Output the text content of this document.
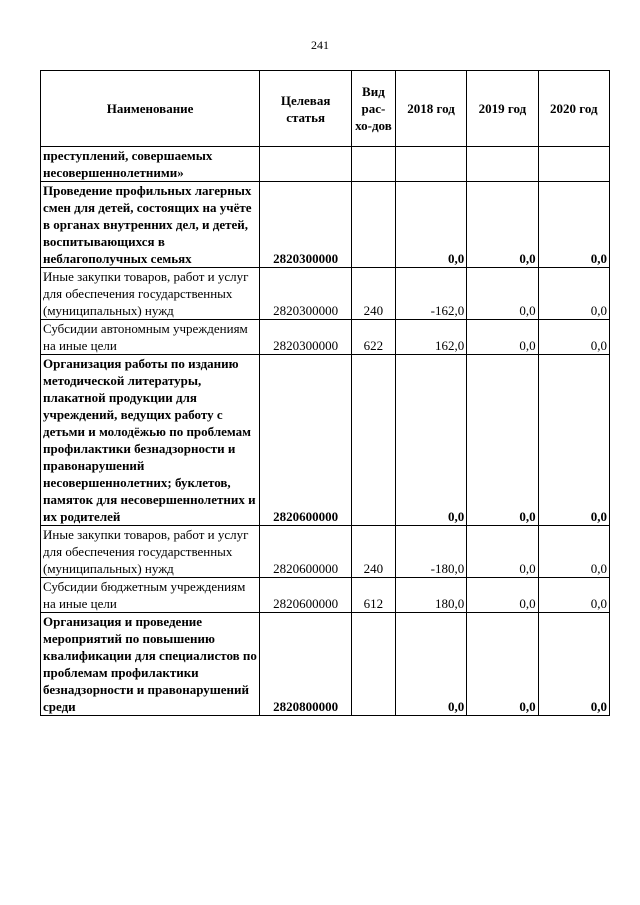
241
Наименование	Целевая статья	Вид рас-хо-дов	2018 год	2019 год	2020 год
преступлений, совершаемых несовершеннолетними»					
Проведение профильных лагерных смен для детей, состоящих на учёте в органах внутренних дел, и детей, воспитывающихся в неблагополучных семьях	2820300000		0,0	0,0	0,0
Иные закупки товаров, работ и услуг для обеспечения государственных (муниципальных) нужд	2820300000	240	-162,0	0,0	0,0
Субсидии автономным учреждениям на иные цели	2820300000	622	162,0	0,0	0,0
Организация работы по изданию методической литературы, плакатной продукции для учреждений, ведущих работу с детьми и молодёжью по проблемам профилактики безнадзорности и правонарушений несовершеннолетних; буклетов, памяток для несовершеннолетних и их родителей	2820600000		0,0	0,0	0,0
Иные закупки товаров, работ и услуг для обеспечения государственных (муниципальных) нужд	2820600000	240	-180,0	0,0	0,0
Субсидии бюджетным учреждениям на иные цели	2820600000	612	180,0	0,0	0,0
Организация и проведение мероприятий по повышению квалификации для специалистов по проблемам профилактики безнадзорности и правонарушений среди	2820800000		0,0	0,0	0,0
